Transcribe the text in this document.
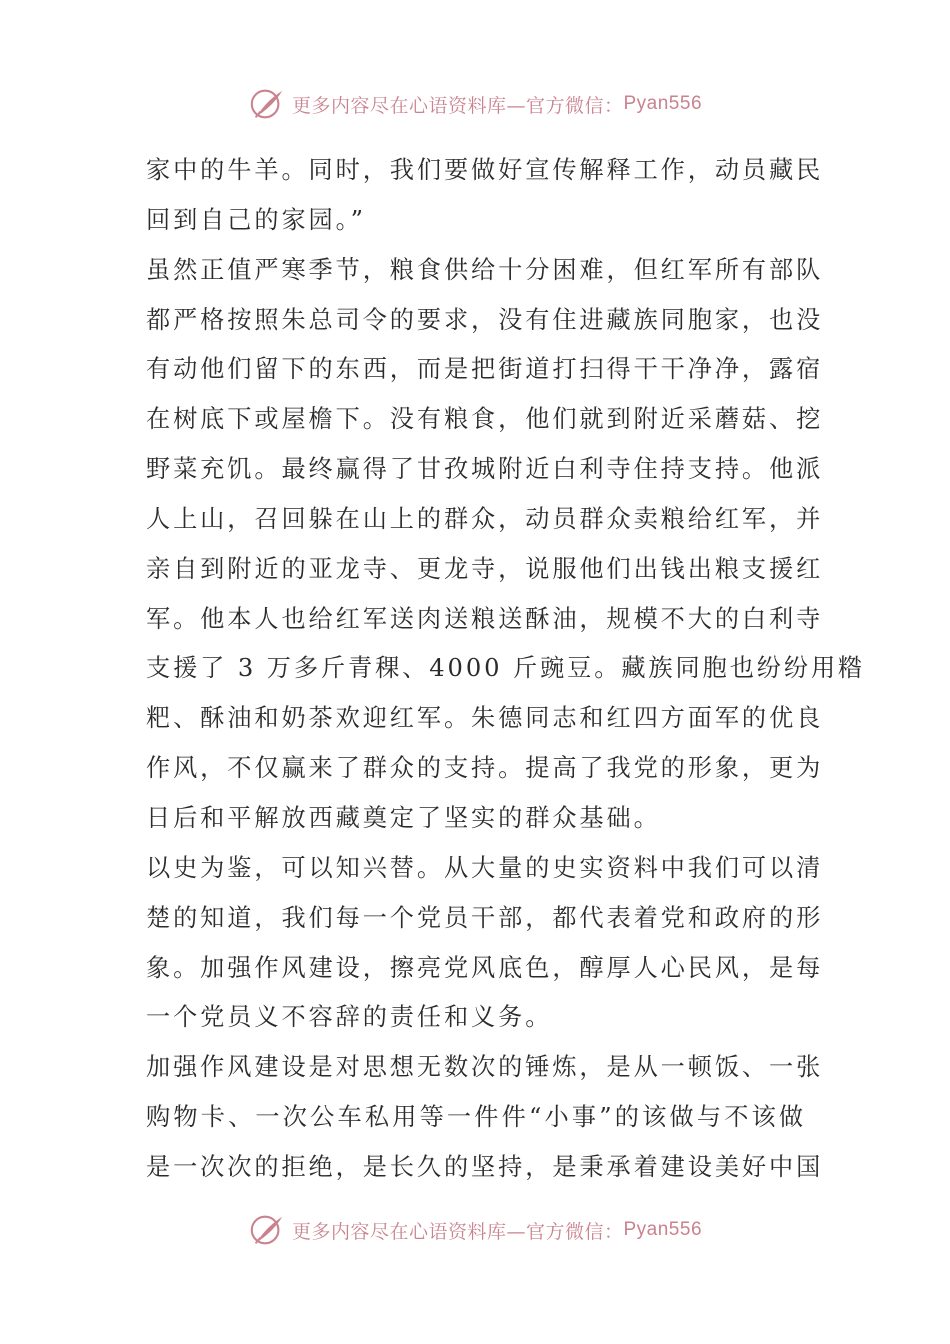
更多内容尽在心语资料库—官方微信： Pyan556
家中的牛羊。同时，我们要做好宣传解释工作，动员藏民
回到自己的家园。”
虽然正值严寒季节，粮食供给十分困难，但红军所有部队
都严格按照朱总司令的要求，没有住进藏族同胞家，也没
有动他们留下的东西，而是把街道打扫得干干净净，露宿
在树底下或屋檐下。没有粮食，他们就到附近采蘑菇、挖
野菜充饥。最终赢得了甘孜城附近白利寺住持支持。他派
人上山，召回躲在山上的群众，动员群众卖粮给红军，并
亲自到附近的亚龙寺、更龙寺，说服他们出钱出粮支援红
军。他本人也给红军送肉送粮送酥油，规模不大的白利寺
支援了 3 万多斤青稞、4000 斤豌豆。藏族同胞也纷纷用糌
粑、酥油和奶茶欢迎红军。朱德同志和红四方面军的优良
作风，不仅赢来了群众的支持。提高了我党的形象，更为
日后和平解放西藏奠定了坚实的群众基础。
以史为鉴，可以知兴替。从大量的史实资料中我们可以清
楚的知道，我们每一个党员干部，都代表着党和政府的形
象。加强作风建设，擦亮党风底色，醇厚人心民风，是每
一个党员义不容辞的责任和义务。
加强作风建设是对思想无数次的锤炼，是从一顿饭、一张
购物卡、一次公车私用等一件件“小事”的该做与不该做
是一次次的拒绝，是长久的坚持，是秉承着建设美好中国
更多内容尽在心语资料库—官方微信： Pyan556
